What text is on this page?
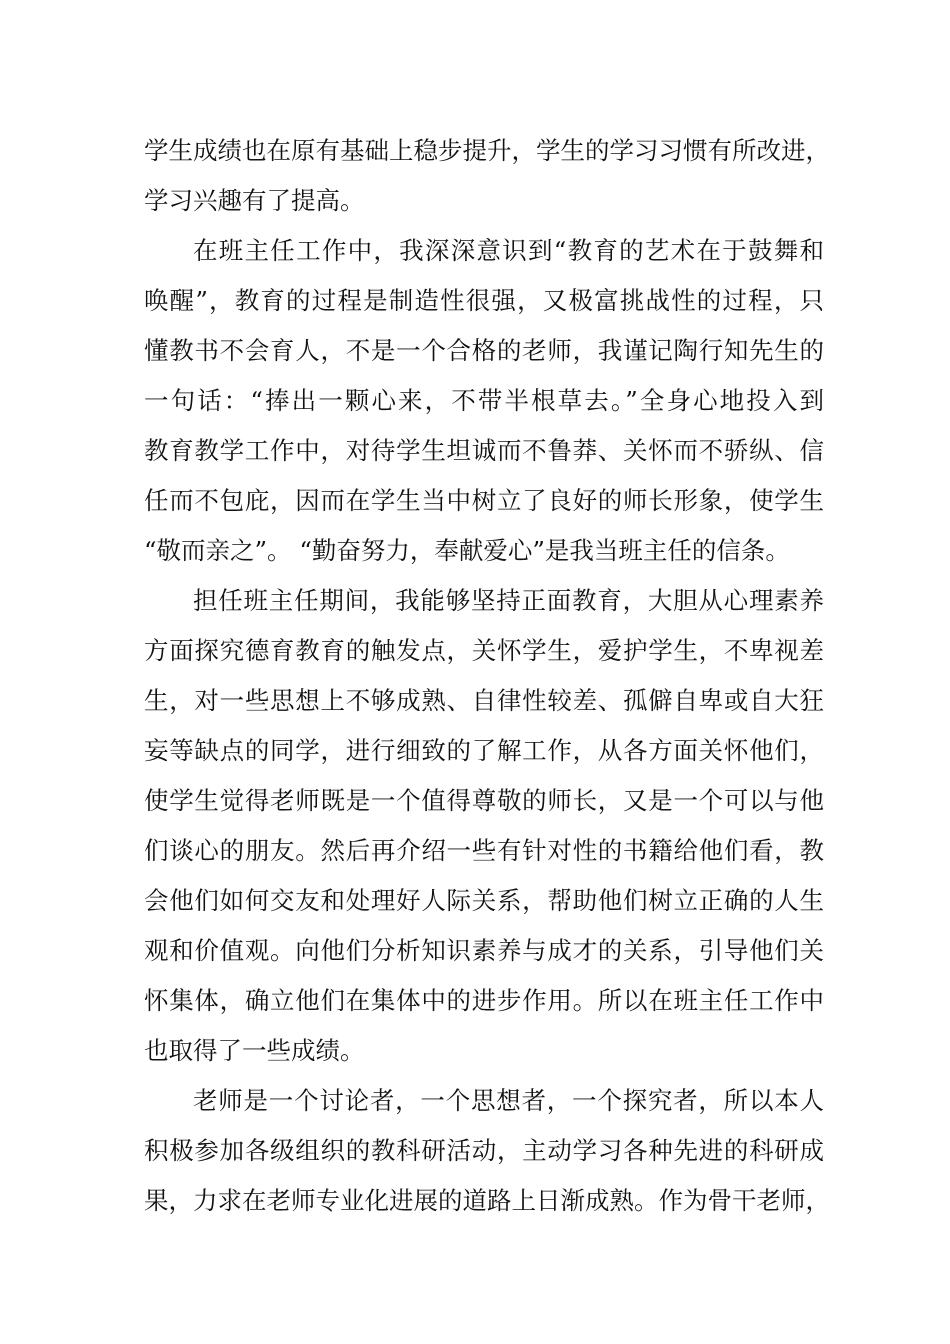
学生成绩也在原有基础上稳步提升，学生的学习习惯有所改进，
学习兴趣有了提高。
在班主任工作中，我深深意识到“教育的艺术在于鼓舞和
唤醒”，教育的过程是制造性很强，又极富挑战性的过程，只
懂教书不会育人，不是一个合格的老师，我谨记陶行知先生的
一句话：“捧出一颗心来，不带半根草去。”全身心地投入到
教育教学工作中，对待学生坦诚而不鲁莽、关怀而不骄纵、信
任而不包庇，因而在学生当中树立了良好的师长形象，使学生
“敬而亲之”。 “勤奋努力，奉献爱心”是我当班主任的信条。
担任班主任期间，我能够坚持正面教育，大胆从心理素养
方面探究德育教育的触发点，关怀学生，爱护学生，不卑视差
生，对一些思想上不够成熟、自律性较差、孤僻自卑或自大狂
妄等缺点的同学，进行细致的了解工作，从各方面关怀他们，
使学生觉得老师既是一个值得尊敬的师长，又是一个可以与他
们谈心的朋友。然后再介绍一些有针对性的书籍给他们看，教
会他们如何交友和处理好人际关系，帮助他们树立正确的人生
观和价值观。向他们分析知识素养与成才的关系，引导他们关
怀集体，确立他们在集体中的进步作用。所以在班主任工作中
也取得了一些成绩。
老师是一个讨论者，一个思想者，一个探究者，所以本人
积极参加各级组织的教科研活动，主动学习各种先进的科研成
果，力求在老师专业化进展的道路上日渐成熟。作为骨干老师，
